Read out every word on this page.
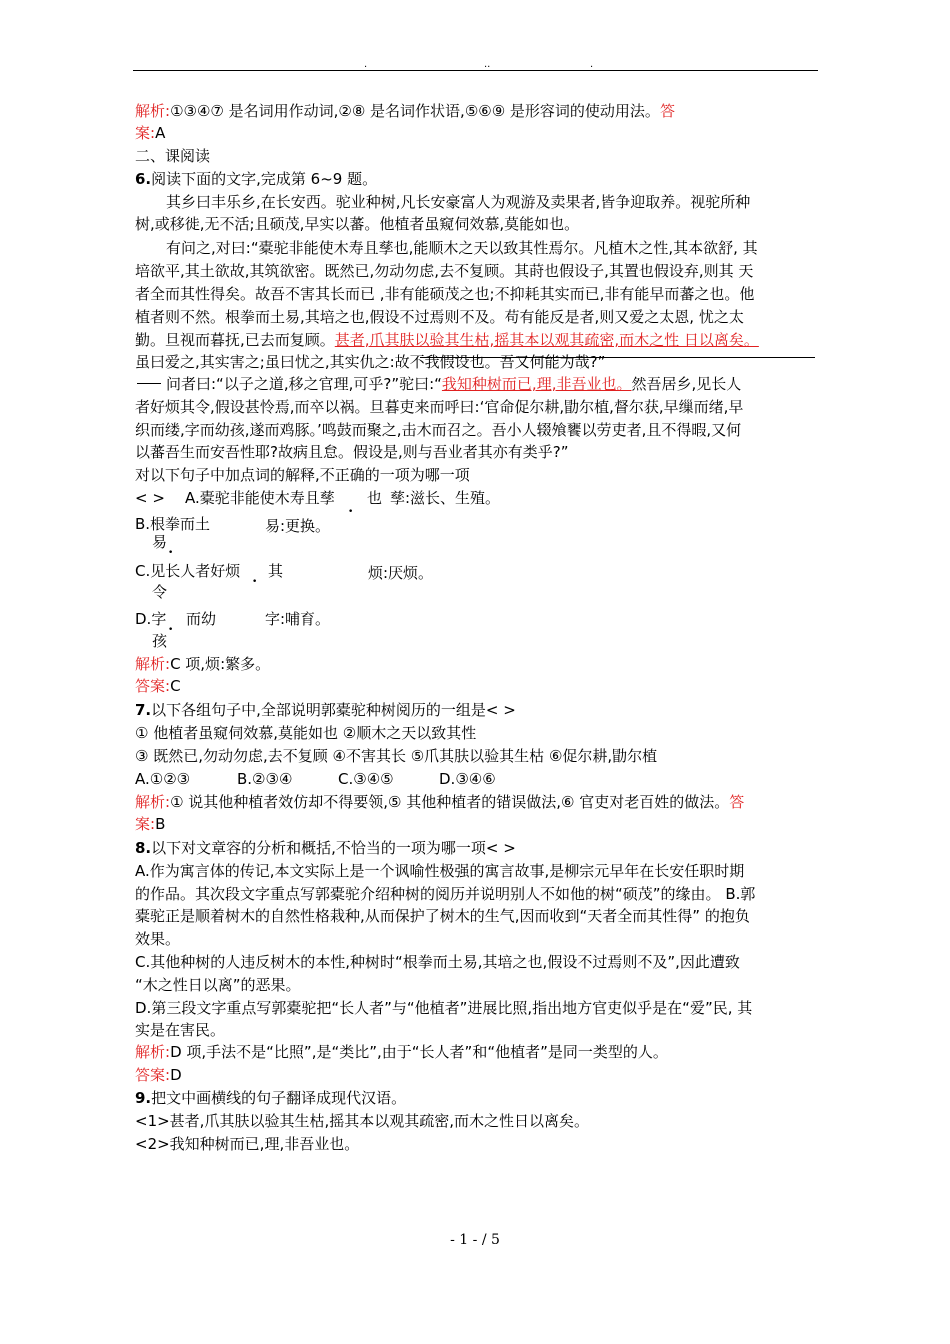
.	..	.
解析:①③④⑦ 是名词用作动词,②⑧ 是名词作状语,⑤⑥⑨ 是形容词的使动用法。答
案:A
二、课阅读
6.阅读下面的文字,完成第 6~9 题。
其乡曰丰乐乡,在长安西。驼业种树,凡长安豪富人为观游及卖果者,皆争迎取养。视驼所种
树,或移徙,无不活;且硕茂,早实以蕃。他植者虽窥伺效慕,莫能如也。
有问之,对曰:“橐驼非能使木寿且孳也,能顺木之天以致其性焉尔。凡植木之性,其本欲舒, 其
培欲平,其土欲故,其筑欲密。既然已,勿动勿虑,去不复顾。其莳也假设子,其置也假设弃,则其 天
者全而其性得矣。故吾不害其长而已 ,非有能硕茂之也;不抑耗其实而已,非有能早而蕃之也。他
植者则不然。根拳而土易,其培之也,假设不过焉则不及。苟有能反是者,则又爱之太恩, 忧之太
勤。旦视而暮抚,已去而复顾。甚者,爪其肤以验其生枯,摇其本以观其疏密,而木之性 日以离矣。
虽曰爱之,其实害之;虽曰忧之,其实仇之:故不我假设也。吾又何能为哉?”
问者曰:“以子之道,移之官理,可乎?”驼曰:“我知种树而已,理,非吾业也。然吾居乡,见长人
者好烦其令,假设甚怜焉,而卒以祸。旦暮吏来而呼曰:‘官命促尔耕,勖尔植,督尔获,早缫而绪,早
织而缕,字而幼孩,遂而鸡豚。’鸣鼓而聚之,击木而召之。吾小人辍飧饔以劳吏者,且不得暇,又何
以蕃吾生而安吾性耶?故病且怠。假设是,则与吾业者其亦有类乎?”
对以下句子中加点词的解释,不正确的一项为哪一项
< > A.橐驼非能使木寿且孳
•
也 孳:滋长、生殖。
B.根拳而土
易
•
易:更换。
C.见长人者好烦
•
令
其	烦:厌烦。
D.字
•
孩
而幼	字:哺育。
解析:C 项,烦:繁多。
答案:C
7.以下各组句子中,全部说明郭橐驼种树阅历的一组是< >
① 他植者虽窥伺效慕,莫能如也 ②顺木之天以致其性
③ 既然已,勿动勿虑,去不复顾 ④不害其长 ⑤爪其肤以验其生枯 ⑥促尔耕,勖尔植
A.①②③	B.②③④	C.③④⑤	D.③④⑥
解析:① 说其他种植者效仿却不得要领,⑤ 其他种植者的错误做法,⑥ 官吏对老百姓的做法。答
案:B
8.以下对文章容的分析和概括,不恰当的一项为哪一项< >
A.作为寓言体的传记,本文实际上是一个讽喻性极强的寓言故事,是柳宗元早年在长安任职时期
的作品。其次段文字重点写郭橐驼介绍种树的阅历并说明别人不如他的树“硕茂”的缘由。 B.郭
橐驼正是顺着树木的自然性格栽种,从而保护了树木的生气,因而收到“天者全而其性得” 的抱负
效果。
C.其他种树的人违反树木的本性,种树时“根拳而土易,其培之也,假设不过焉则不及”,因此遭致
“木之性日以离”的恶果。
D.第三段文字重点写郭橐驼把“长人者”与“他植者”进展比照,指出地方官吏似乎是在“爱”民, 其
实是在害民。
解析:D 项,手法不是“比照”,是“类比”,由于“长人者”和“他植者”是同一类型的人。
答案:D
9.把文中画横线的句子翻译成现代汉语。
<1>甚者,爪其肤以验其生枯,摇其本以观其疏密,而木之性日以离矣。
<2>我知种树而已,理,非吾业也。
- 1 - / 5
